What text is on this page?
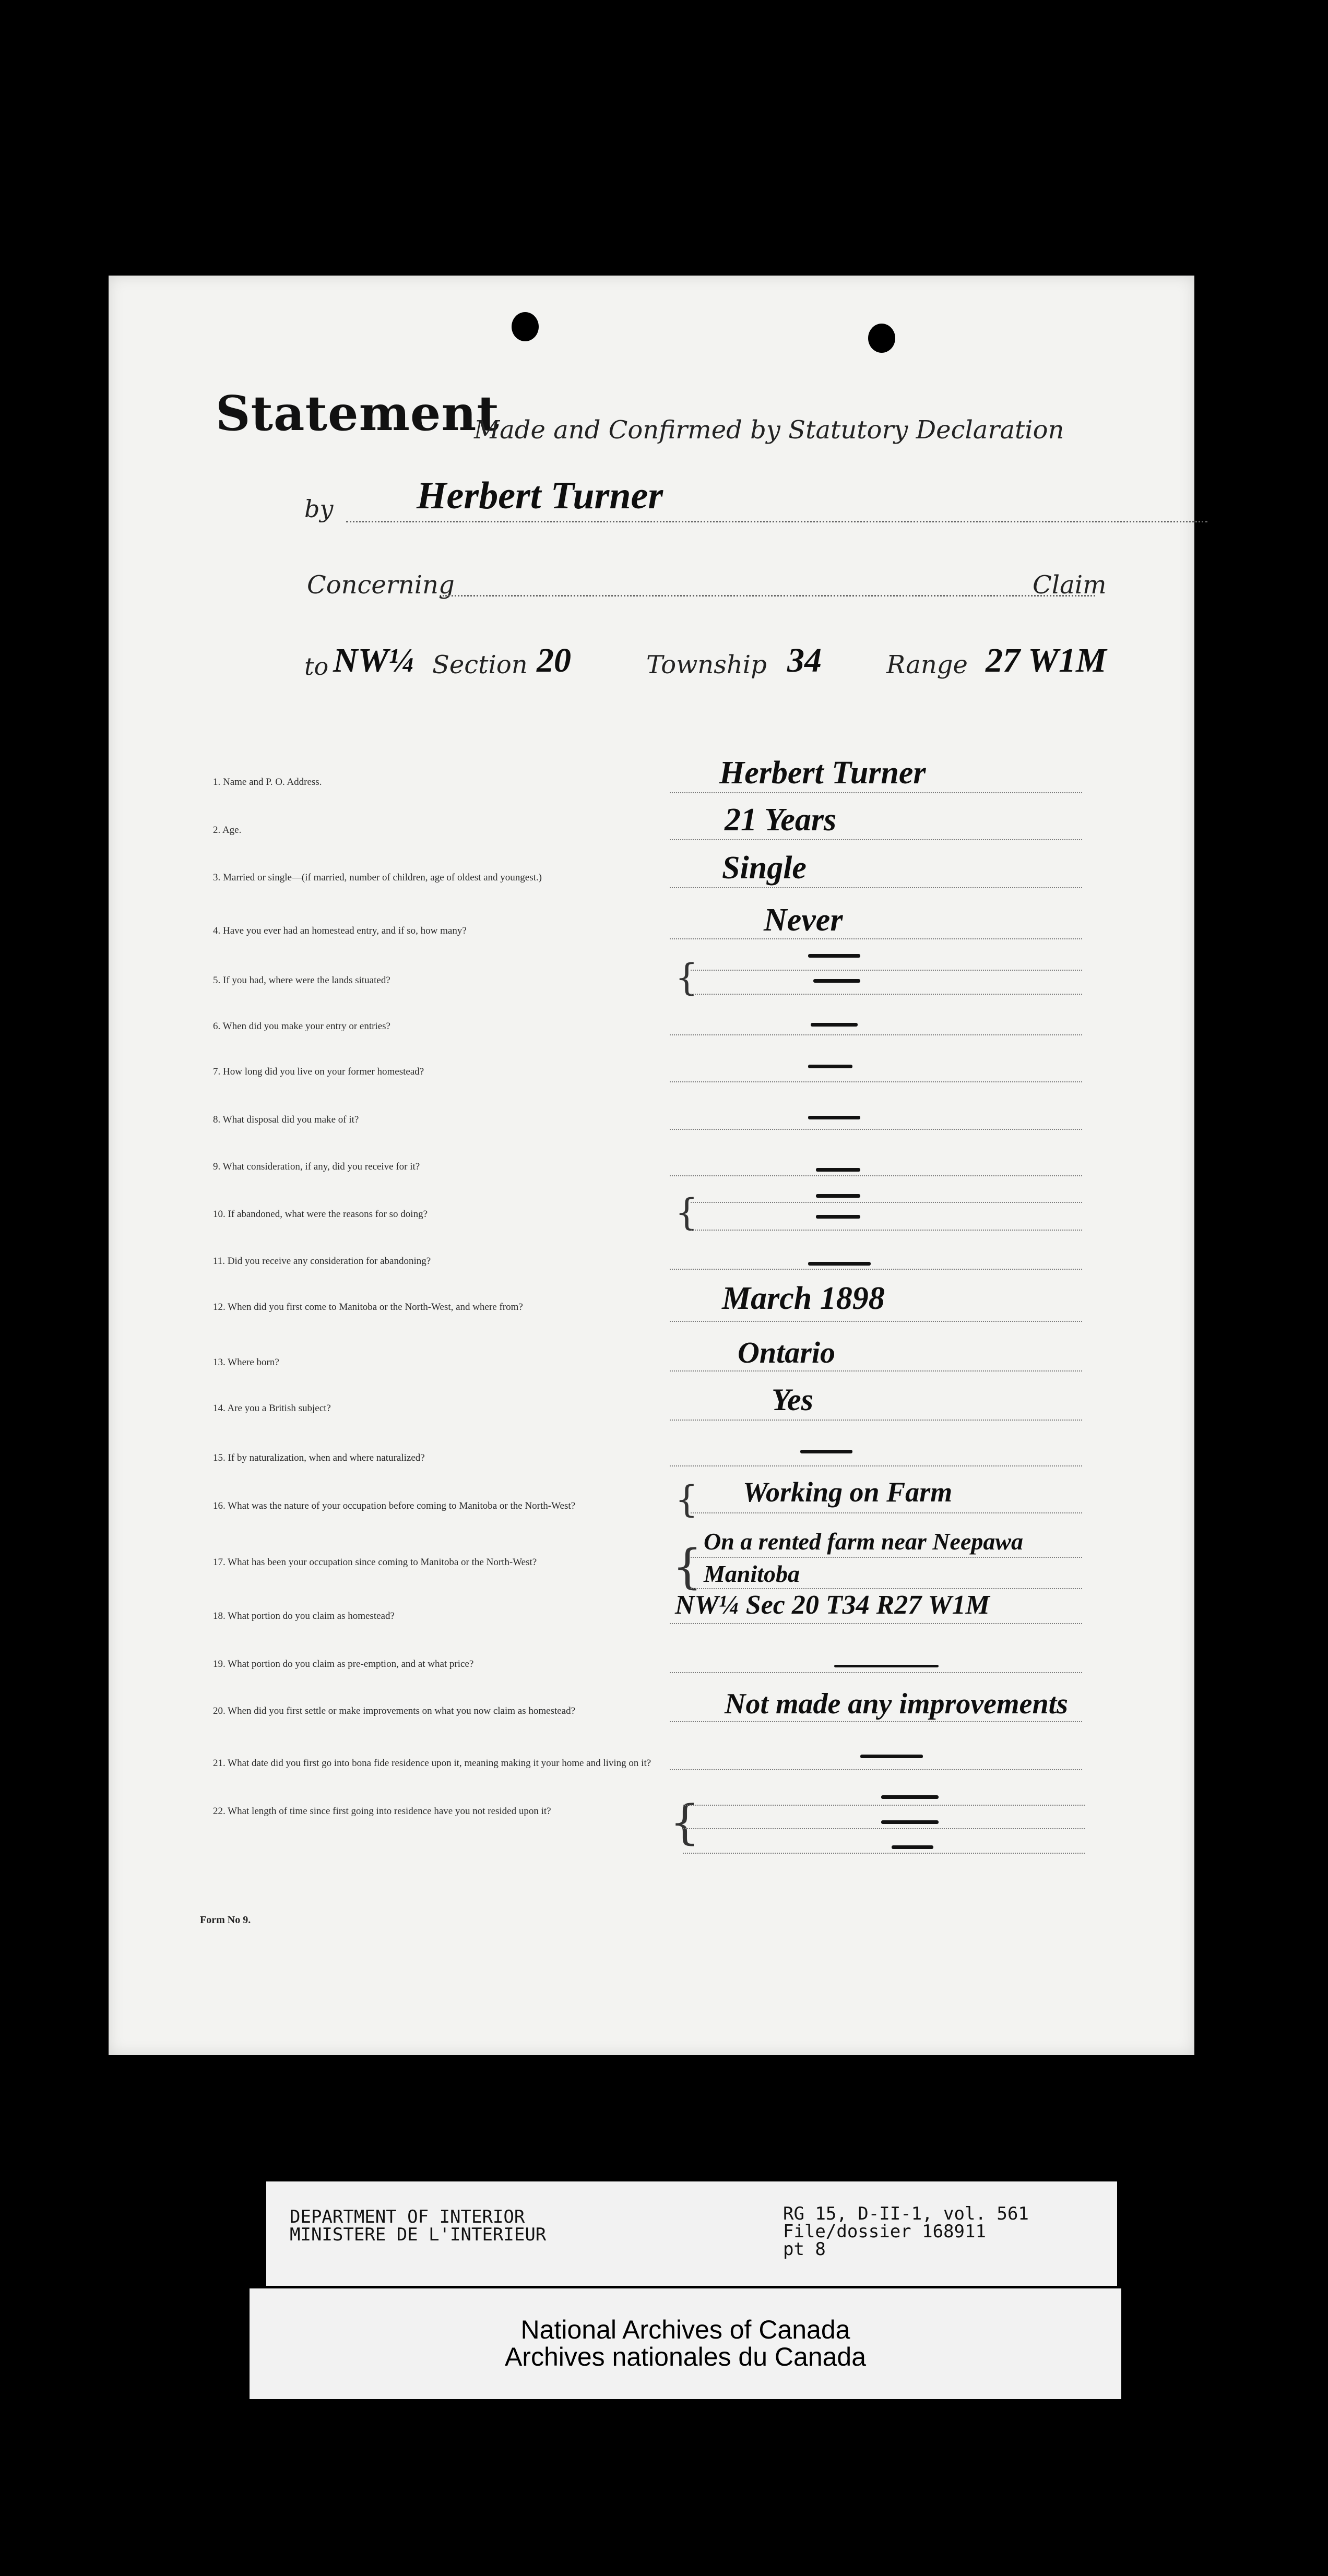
Statement
Made and Confirmed by Statutory Declaration
by Herbert Turner
Concerning	Claim
to NW¼ Section 20	Township 34	Range 27 W1M
1. Name and P. O. Address.	Herbert Turner
2. Age.	21 Years
3. Married or single—(if married, number of children, age of oldest and youngest.)	Single
4. Have you ever had an homestead entry, and if so, how many?	Never
{
5. If you had, where were the lands situated?
6. When did you make your entry or entries?
7. How long did you live on your former homestead?
8. What disposal did you make of it?
9. What consideration, if any, did you receive for it?
{
10. If abandoned, what were the reasons for so doing?
11. Did you receive any consideration for abandoning?
12. When did you first come to Manitoba or the North-West, and where from?	March 1898
13. Where born?	Ontario
14. Are you a British subject?	Yes
15. If by naturalization, when and where naturalized?
{
16. What was the nature of your occupation before coming to Manitoba or the North-West?	Working on Farm
{
17. What has been your occupation since coming to Manitoba or the North-West?
On a rented farm near Neepawa Manitoba
18. What portion do you claim as homestead?	NW¼ Sec 20 T34 R27 W1M
19. What portion do you claim as pre-emption, and at what price?
20. When did you first settle or make improvements on what you now claim as homestead?	Not made any improvements
21. What date did you first go into bona fide residence upon it, meaning making it your home and living on it?
{
22. What length of time since first going into residence have you not resided upon it?
Form No 9.
DEPARTMENT OF INTERIOR
MINISTERE DE L'INTERIEUR
RG 15, D-II-1, vol. 561
File/dossier 168911
pt 8
National Archives of Canada
Archives nationales du Canada
